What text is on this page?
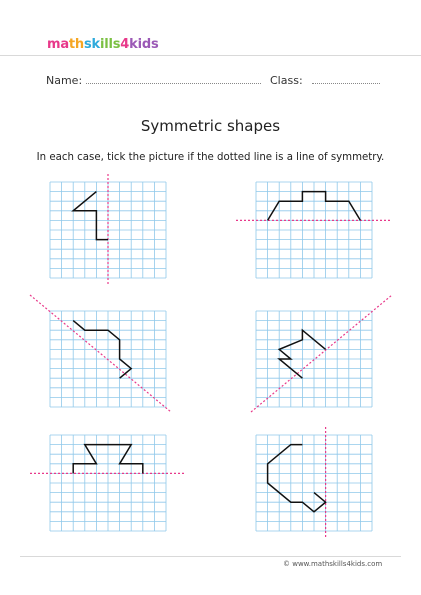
mathskills4kids
Name:	Class:
Symmetric shapes
In each case, tick the picture if the dotted line is a line of symmetry.
© www.mathskills4kids.com
